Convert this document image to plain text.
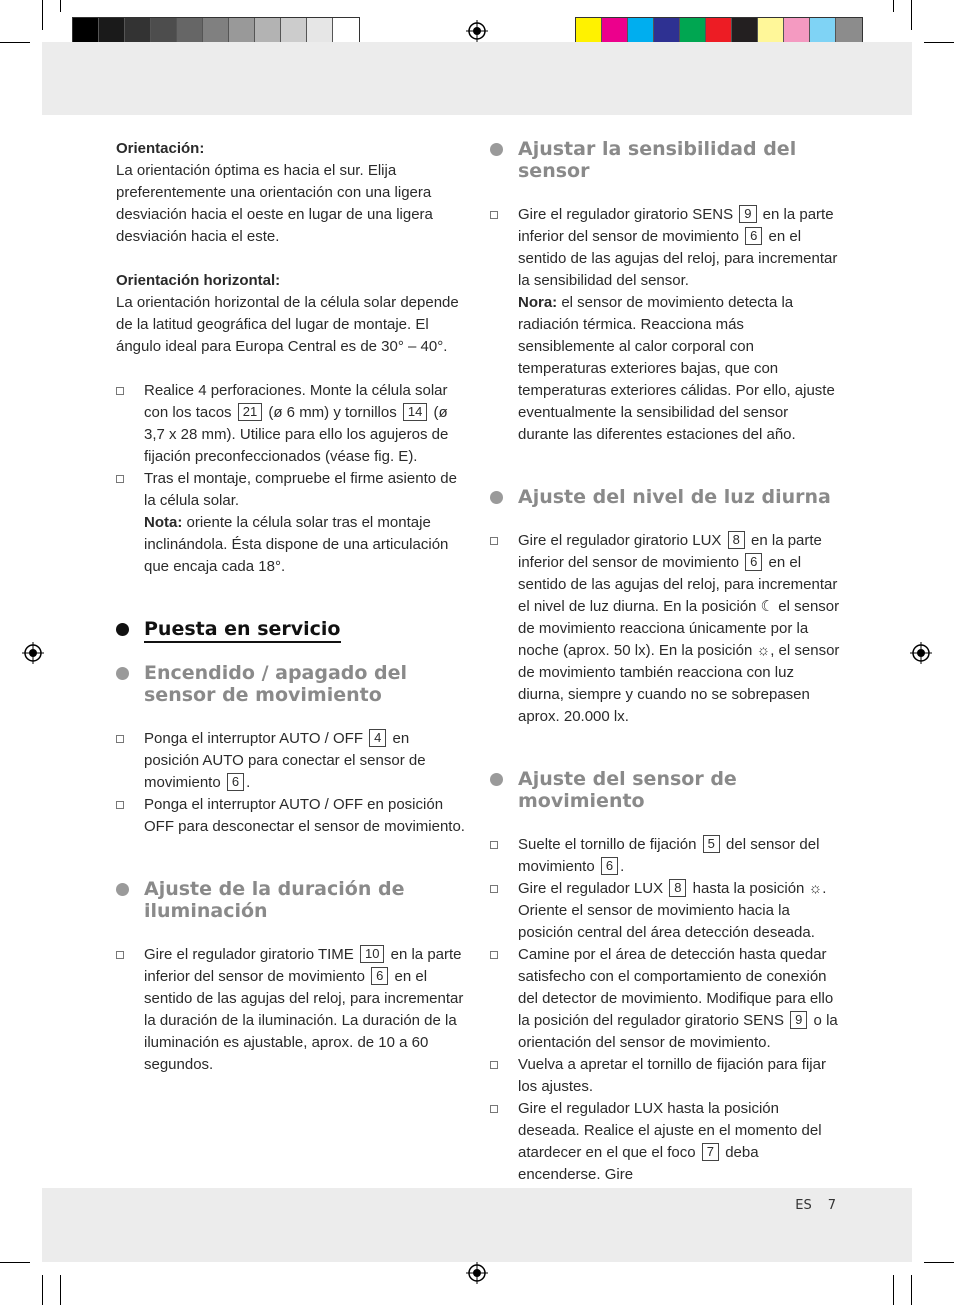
Orientación:

La orientación óptima es hacia el sur. Elija preferentemente una orientación con una ligera desviación hacia el oeste en lugar de una ligera desviación hacia el este.

Orientación horizontal:

La orientación horizontal de la célula solar depende de la latitud geográfica del lugar de montaje. El ángulo ideal para Europa Central es de 30° – 40°.

Realice 4 perforaciones. Monte la célula solar con los tacos 21 (ø 6 mm) y tornillos 14 (ø 3,7 x 28 mm). Utilice para ello los agujeros de fijación preconfeccionados (véase fig. E).
Tras el montaje, compruebe el firme asiento de la célula solar.
Nota: oriente la célula solar tras el montaje inclinándola. Ésta dispone de una articulación que encaja cada 18°.
Puesta en servicio
Encendido / apagado del sensor de movimiento
Ponga el interruptor AUTO / OFF 4 en posición AUTO para conectar el sensor de movimiento 6 .
Ponga el interruptor AUTO / OFF en posición OFF para desconectar el sensor de movimiento.
Ajuste de la duración de iluminación
Gire el regulador giratorio TIME 10 en la parte inferior del sensor de movimiento 6 en el sentido de las agujas del reloj, para incrementar la duración de la iluminación. La duración de la iluminación es ajustable, aprox. de 10 a 60 segundos.
Ajustar la sensibilidad del sensor
Gire el regulador giratorio SENS 9 en la parte inferior del sensor de movimiento 6 en el sentido de las agujas del reloj, para incrementar la sensibilidad del sensor.
Nora: el sensor de movimiento detecta la radiación térmica. Reacciona más sensiblemente al calor corporal con temperaturas exteriores bajas, que con temperaturas exteriores cálidas. Por ello, ajuste eventualmente la sensibilidad del sensor durante las diferentes estaciones del año.
Ajuste del nivel de luz diurna
Gire el regulador giratorio LUX 8 en la parte inferior del sensor de movimiento 6 en el sentido de las agujas del reloj, para incrementar el nivel de luz diurna. En la posición ☾ el sensor de movimiento reacciona únicamente por la noche (aprox. 50 lx). En la posición ☼, el sensor de movimiento también reacciona con luz diurna, siempre y cuando no se sobrepasen aprox. 20.000 lx.
Ajuste del sensor de movimiento
Suelte el tornillo de fijación 5 del sensor del movimiento 6 .
Gire el regulador LUX 8 hasta la posición ☼. Oriente el sensor de movimiento hacia la posición central del área detección deseada.
Camine por el área de detección hasta quedar satisfecho con el comportamiento de conexión del detector de movimiento. Modifique para ello la posición del regulador giratorio SENS 9 o la orientación del sensor de movimiento.
Vuelva a apretar el tornillo de fijación para fijar los ajustes.
Gire el regulador LUX hasta la posición deseada. Realice el ajuste en el momento del atardecer en el que el foco 7 deba encenderse. Gire
ES 7
